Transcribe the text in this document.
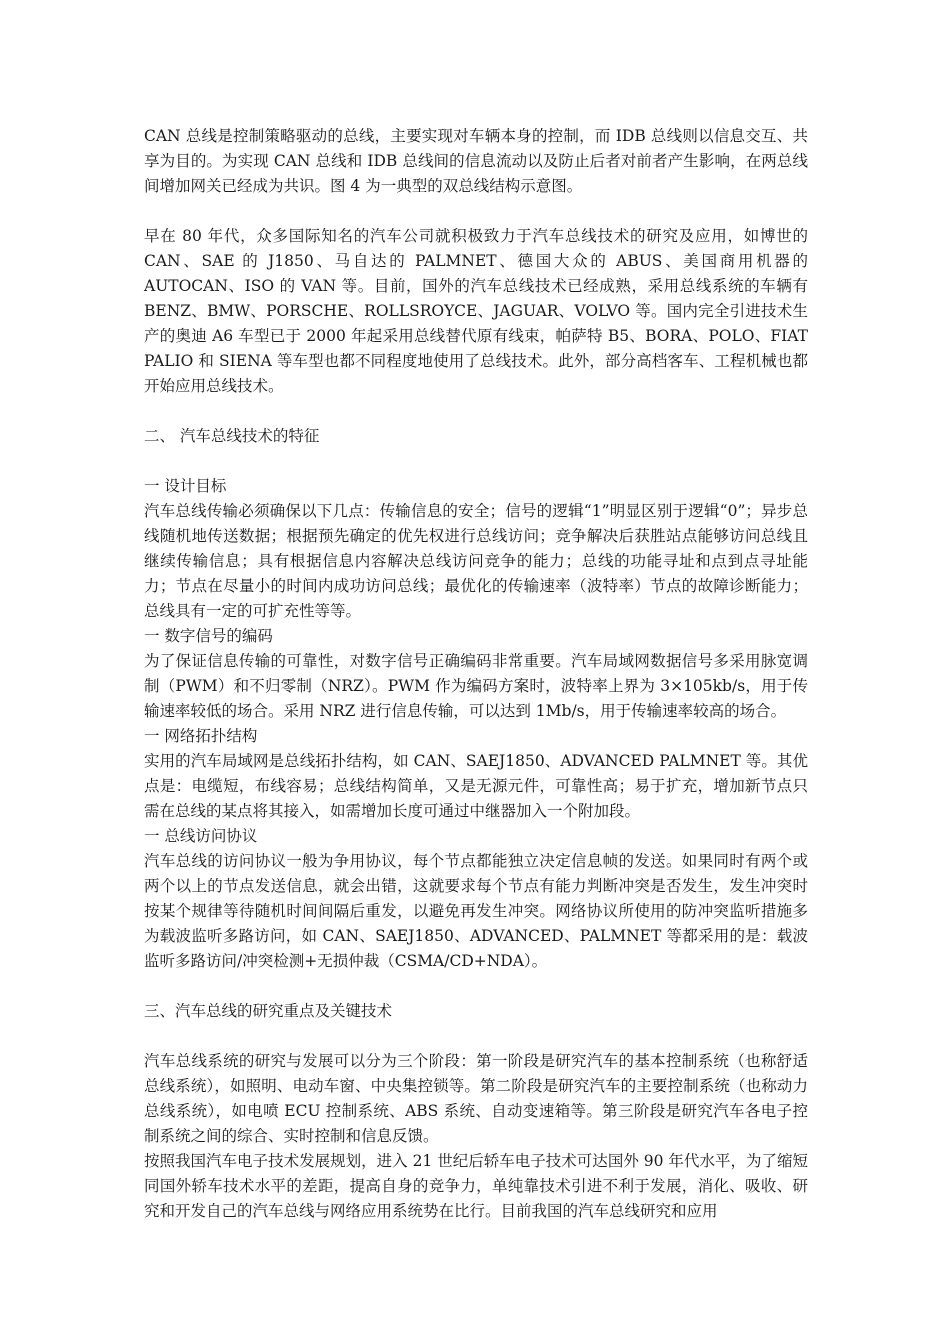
CAN 总线是控制策略驱动的总线，主要实现对车辆本身的控制，而 IDB 总线则以信息交互、共享为目的。为实现 CAN 总线和 IDB 总线间的信息流动以及防止后者对前者产生影响，在两总线间增加网关已经成为共识。图 4 为一典型的双总线结构示意图。

早在 80 年代，众多国际知名的汽车公司就积极致力于汽车总线技术的研究及应用，如博世的 CAN、SAE 的 J1850、马自达的 PALMNET、德国大众的 ABUS、美国商用机器的 AUTOCAN、ISO 的 VAN 等。目前，国外的汽车总线技术已经成熟，采用总线系统的车辆有 BENZ、BMW、PORSCHE、ROLLSROYCE、JAGUAR、VOLVO 等。国内完全引进技术生产的奥迪 A6 车型已于 2000 年起采用总线替代原有线束，帕萨特 B5、BORA、POLO、FIAT PALIO 和 SIENA 等车型也都不同程度地使用了总线技术。此外，部分高档客车、工程机械也都开始应用总线技术。

二、 汽车总线技术的特征

一 设计目标

汽车总线传输必须确保以下几点：传输信息的安全；信号的逻辑“1”明显区别于逻辑“0”；异步总线随机地传送数据；根据预先确定的优先权进行总线访问；竞争解决后获胜站点能够访问总线且继续传输信息；具有根据信息内容解决总线访问竞争的能力；总线的功能寻址和点到点寻址能力；节点在尽量小的时间内成功访问总线；最优化的传输速率（波特率）节点的故障诊断能力； 总线具有一定的可扩充性等等。

一 数字信号的编码

为了保证信息传输的可靠性，对数字信号正确编码非常重要。汽车局域网数据信号多采用脉宽调制（PWM）和不归零制（NRZ）。PWM 作为编码方案时，波特率上界为 3×105kb/s，用于传输速率较低的场合。采用 NRZ 进行信息传输，可以达到 1Mb/s，用于传输速率较高的场合。

一 网络拓扑结构

实用的汽车局域网是总线拓扑结构，如 CAN、SAEJ1850、ADVANCED PALMNET 等。其优点是：电缆短，布线容易；总线结构简单，又是无源元件，可靠性高；易于扩充，增加新节点只需在总线的某点将其接入，如需增加长度可通过中继器加入一个附加段。

一 总线访问协议

汽车总线的访问协议一般为争用协议，每个节点都能独立决定信息帧的发送。如果同时有两个或两个以上的节点发送信息，就会出错，这就要求每个节点有能力判断冲突是否发生，发生冲突时按某个规律等待随机时间间隔后重发，以避免再发生冲突。网络协议所使用的防冲突监听措施多为载波监听多路访问，如 CAN、SAEJ1850、ADVANCED、PALMNET 等都采用的是：载波监听多路访问/冲突检测+无损仲裁（CSMA/CD+NDA）。

三、汽车总线的研究重点及关键技术

汽车总线系统的研究与发展可以分为三个阶段：第一阶段是研究汽车的基本控制系统（也称舒适总线系统），如照明、电动车窗、中央集控锁等。第二阶段是研究汽车的主要控制系统（也称动力总线系统），如电喷 ECU 控制系统、ABS 系统、自动变速箱等。第三阶段是研究汽车各电子控制系统之间的综合、实时控制和信息反馈。

按照我国汽车电子技术发展规划，进入 21 世纪后轿车电子技术可达国外 90 年代水平，为了缩短同国外轿车技术水平的差距，提高自身的竞争力，单纯靠技术引进不利于发展，消化、吸收、研究和开发自己的汽车总线与网络应用系统势在比行。目前我国的汽车总线研究和应用
